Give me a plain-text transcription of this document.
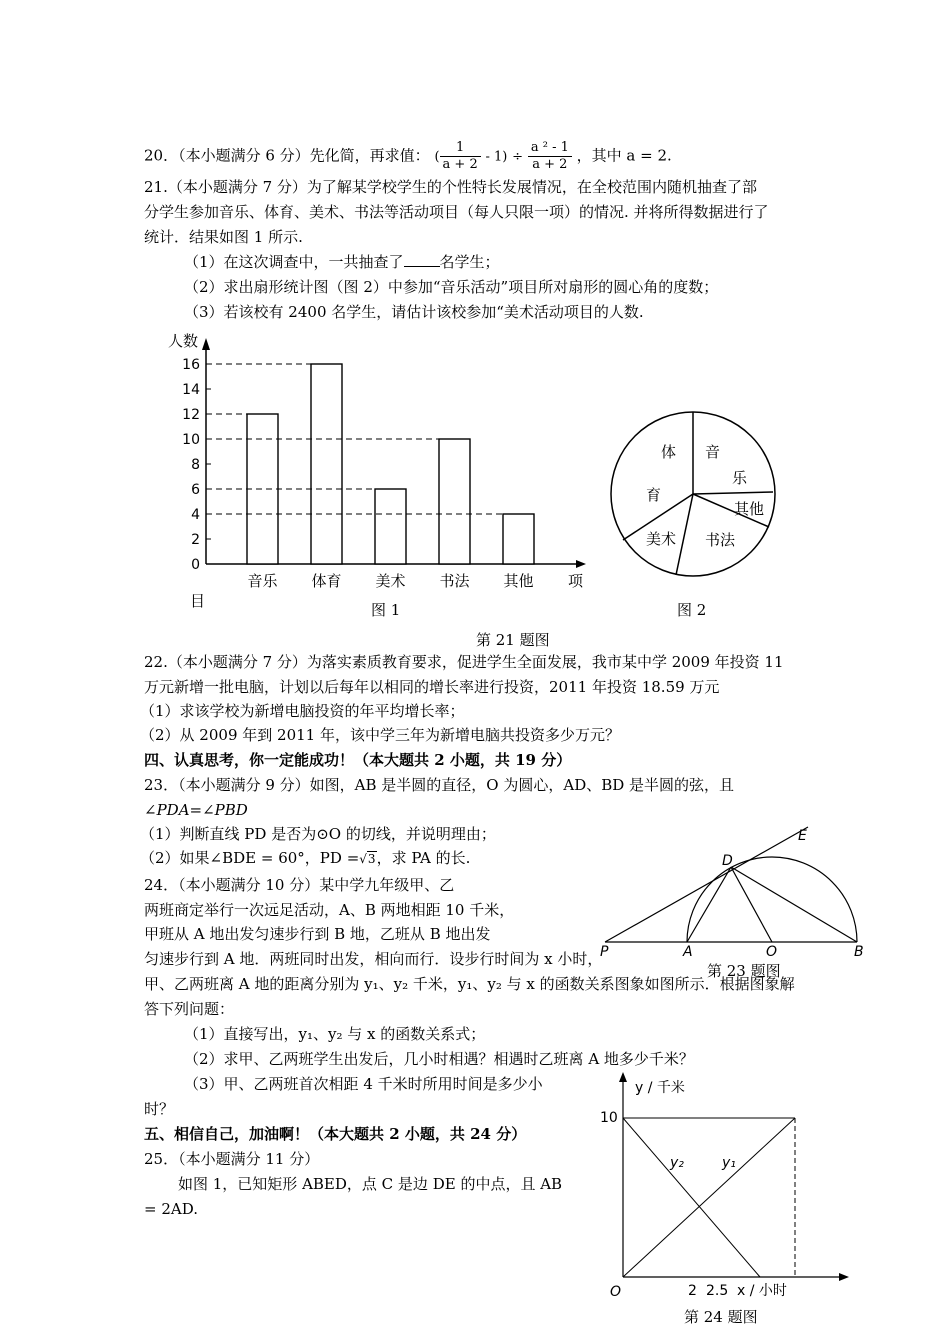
20．（本小题满分 6 分）先化简，再求值： ( $\frac{1}{a + 2} - 1) \div \frac{\text{a ² - 1}}{a + 2}$ ，其中 a = 2.
21.（本小题满分 7 分）为了解某学校学生的个性特长发展情况，在全校范围内随机抽查了部
分学生参加音乐、体育、美术、书法等活动项目（每人只限一项）的情况. 并将所得数据进行了
统计．结果如图 1 所示.
（1）在这次调查中，一共抽查了 名学生；
（2）求出扇形统计图（图 2）中参加“音乐活动”项目所对扇形的圆心角的度数；
（3）若该校有 2400 名学生，请估计该校参加“美术活动项目的人数.
0
2
4
6
8
10
12
14
16
人数
音乐 体育 美术 书法 其他 项
目	图 1
体
育
音
乐
其他
书法
美术
图 2
第 21 题图
22.（本小题满分 7 分）为落实素质教育要求，促进学生全面发展，我市某中学 2009 年投资 11
万元新增一批电脑，计划以后每年以相同的增长率进行投资，2011 年投资 18.59 万元
（1）求该学校为新增电脑投资的年平均增长率；
（2）从 2009 年到 2011 年，该中学三年为新增电脑共投资多少万元？
四、认真思考，你一定能成功！（本大题共 2 小题，共 19 分）
23．（本小题满分 9 分）如图，AB 是半圆的直径，O 为圆心，AD、BD 是半圆的弦，且
∠PDA=∠PBD
（1）判断直线 PD 是否为⊙O 的切线，并说明理由；
（2）如果∠BDE = 60°，PD =√3，求 PA 的长.
P	A	O	B
D
E
第 23 题图
24．（本小题满分 10 分）某中学九年级甲、乙
两班商定举行一次远足活动，A、B 两地相距 10 千米，
甲班从 A 地出发匀速步行到 B 地，乙班从 B 地出发
匀速步行到 A 地．两班同时出发，相向而行．设步行时间为 x 小时，
甲、乙两班离 A 地的距离分别为 y₁、y₂ 千米，y₁、y₂ 与 x 的函数关系图象如图所示．根据图象解
答下列问题：
（1）直接写出，y₁、y₂ 与 x 的函数关系式；
（2）求甲、乙两班学生出发后，几小时相遇？相遇时乙班离 A 地多少千米？
（3）甲、乙两班首次相距 4 千米时所用时间是多少小
时？
五、相信自己，加油啊！（本大题共 2 小题，共 24 分）
25．（本小题满分 11 分）
如图 1，已知矩形 ABED，点 C 是边 DE 的中点，且 AB
= 2AD.
y / 千米
10
y₂	y₁
O	2 2.5 x / 小时
第 24 题图
